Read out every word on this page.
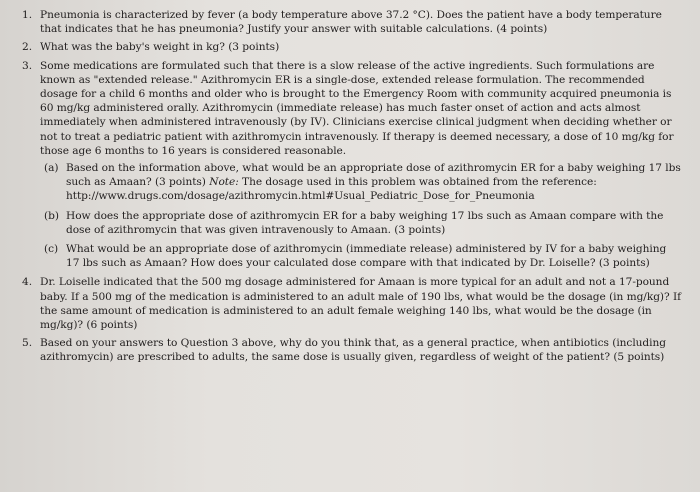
1. Pneumonia is characterized by fever (a body temperature above 37.2 °C). Does the patient have a body temperature that indicates that he has pneumonia? Justify your answer with suitable calculations. (4 points)
2. What was the baby's weight in kg? (3 points)
3. Some medications are formulated such that there is a slow release of the active ingredients. Such formulations are known as "extended release." Azithromycin ER is a single-dose, extended release formulation. The recommended dosage for a child 6 months and older who is brought to the Emergency Room with community acquired pneumonia is 60 mg/kg administered orally. Azithromycin (immediate release) has much faster onset of action and acts almost immediately when administered intravenously (by IV). Clinicians exercise clinical judgment when deciding whether or not to treat a pediatric patient with azithromycin intravenously. If therapy is deemed necessary, a dose of 10 mg/kg for those age 6 months to 16 years is considered reasonable.
(a) Based on the information above, what would be an appropriate dose of azithromycin ER for a baby weighing 17 lbs such as Amaan? (3 points) Note: The dosage used in this problem was obtained from the reference: http://www.drugs.com/dosage/azithromycin.html#Usual_Pediatric_Dose_for_Pneumonia
(b) How does the appropriate dose of azithromycin ER for a baby weighing 17 lbs such as Amaan compare with the dose of azithromycin that was given intravenously to Amaan. (3 points)
(c) What would be an appropriate dose of azithromycin (immediate release) administered by IV for a baby weighing 17 lbs such as Amaan? How does your calculated dose compare with that indicated by Dr. Loiselle? (3 points)
4. Dr. Loiselle indicated that the 500 mg dosage administered for Amaan is more typical for an adult and not a 17-pound baby. If a 500 mg of the medication is administered to an adult male of 190 lbs, what would be the dosage (in mg/kg)? If the same amount of medication is administered to an adult female weighing 140 lbs, what would be the dosage (in mg/kg)? (6 points)
5. Based on your answers to Question 3 above, why do you think that, as a general practice, when antibiotics (including azithromycin) are prescribed to adults, the same dose is usually given, regardless of weight of the patient? (5 points)
